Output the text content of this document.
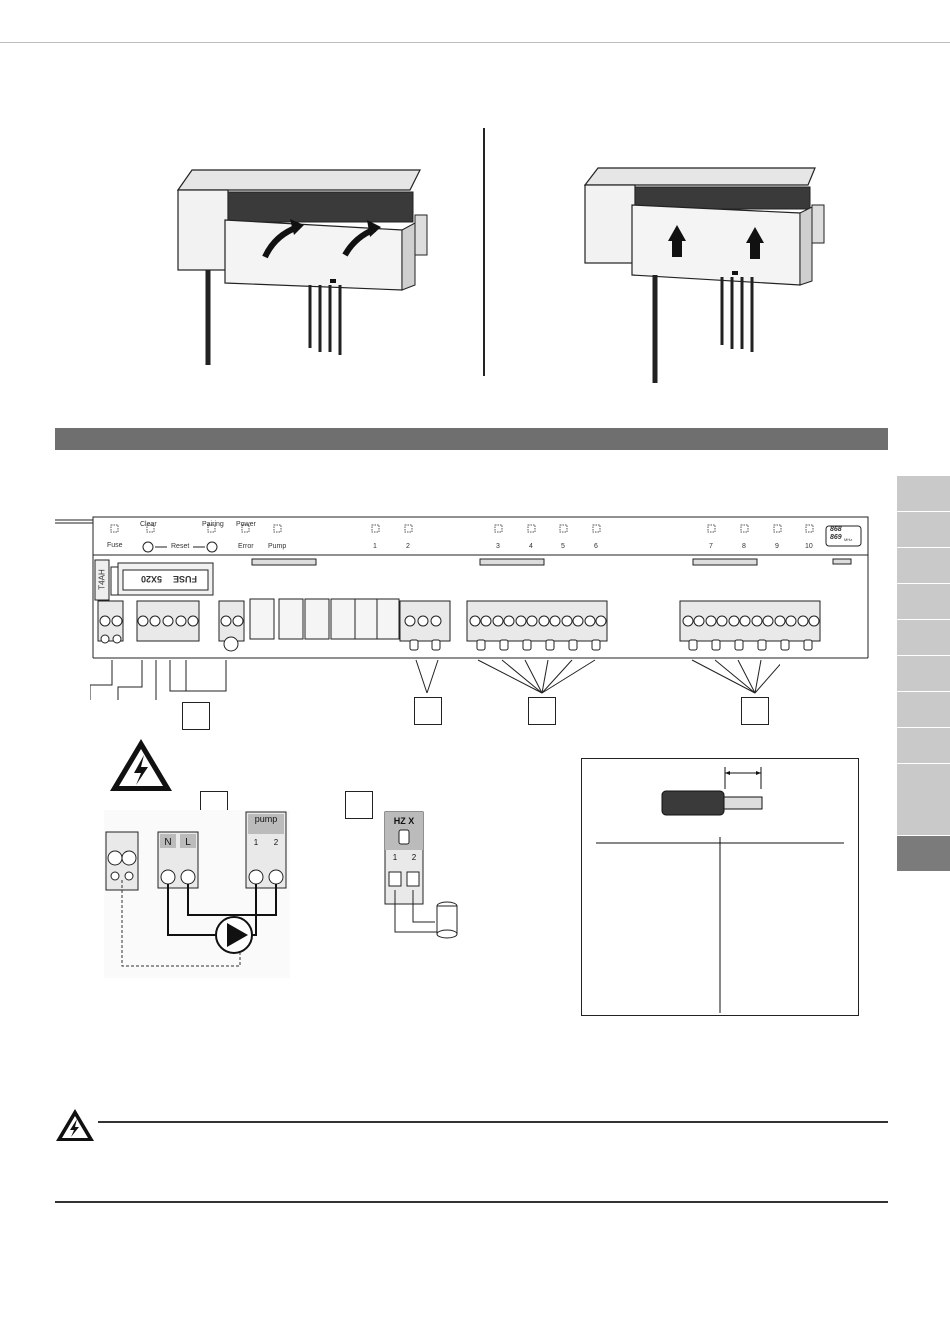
Fuse
Clear
Reset
Pairing Power
Error Pump	1	2	3	4	5	6	7	8	9	10
868
869 MHz
T4AH	FUSE
5X20
N L
pump
1 2
HZ X
1 2
